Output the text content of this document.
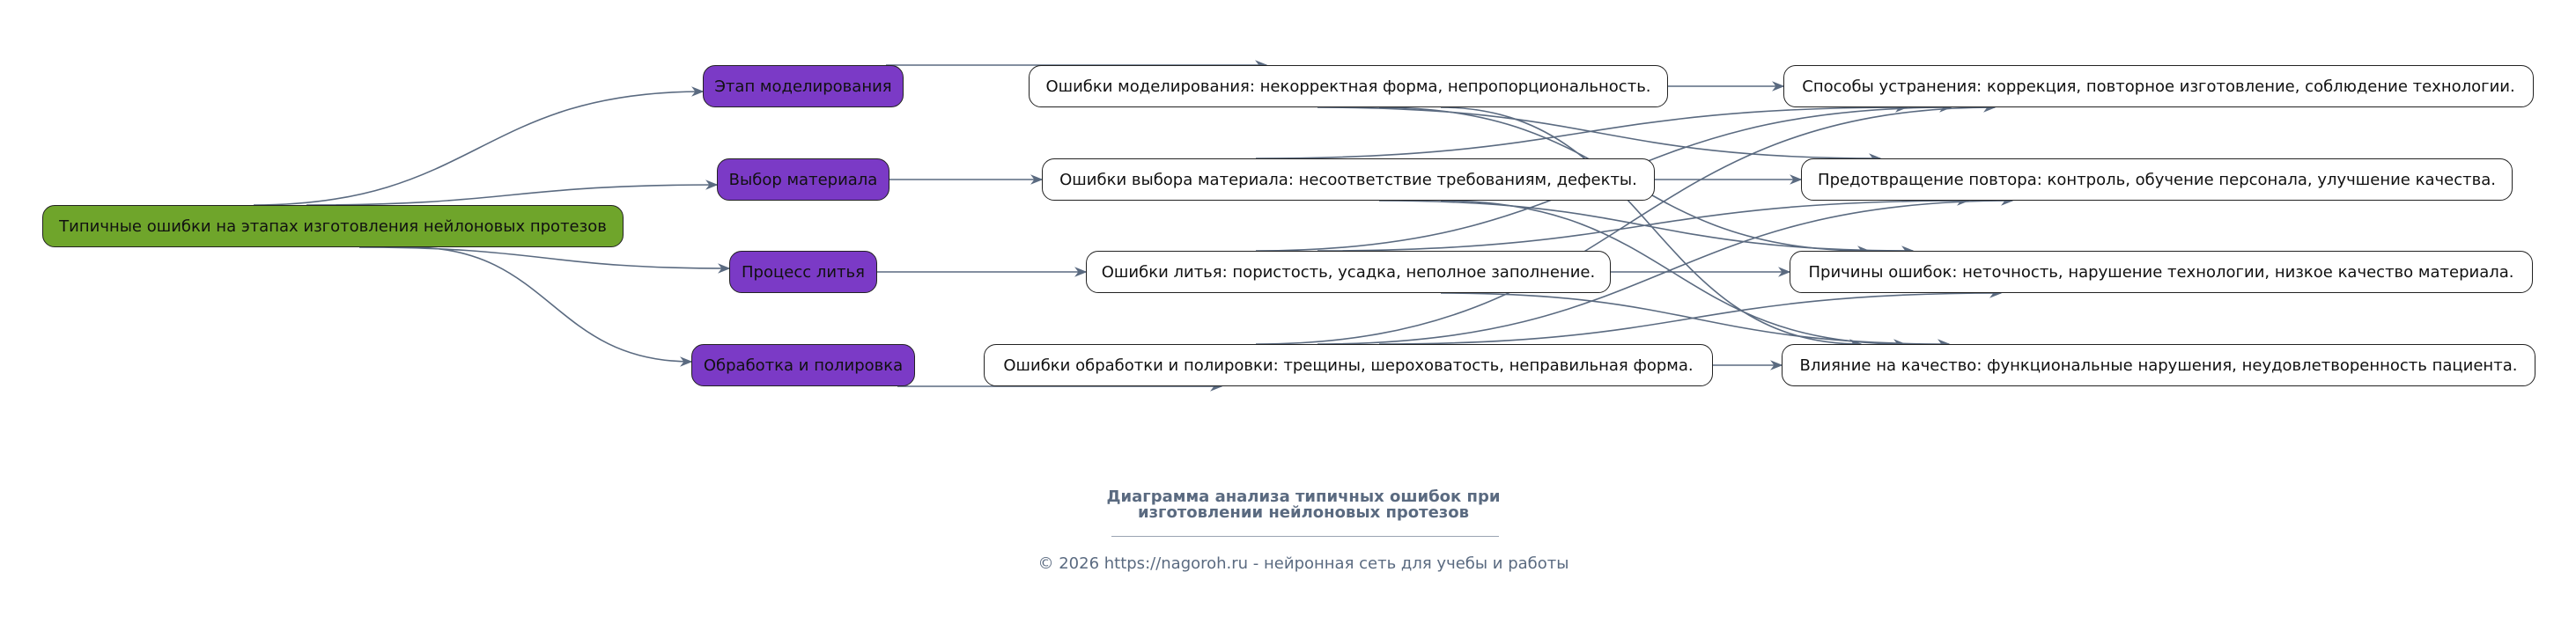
Типичные ошибки на этапах изготовления нейлоновых протезов
Этап моделирования
Выбор материала
Процесс литья
Обработка и полировка
Ошибки моделирования: некорректная форма, непропорциональность.
Ошибки выбора материала: несоответствие требованиям, дефекты.
Ошибки литья: пористость, усадка, неполное заполнение.
Ошибки обработки и полировки: трещины, шероховатость, неправильная форма.
Способы устранения: коррекция, повторное изготовление, соблюдение технологии.
Предотвращение повтора: контроль, обучение персонала, улучшение качества.
Причины ошибок: неточность, нарушение технологии, низкое качество материала.
Влияние на качество: функциональные нарушения, неудовлетворенность пациента.
Диаграмма анализа типичных ошибок при
изготовлении нейлоновых протезов
© 2026 https://nagoroh.ru - нейронная сеть для учебы и работы
